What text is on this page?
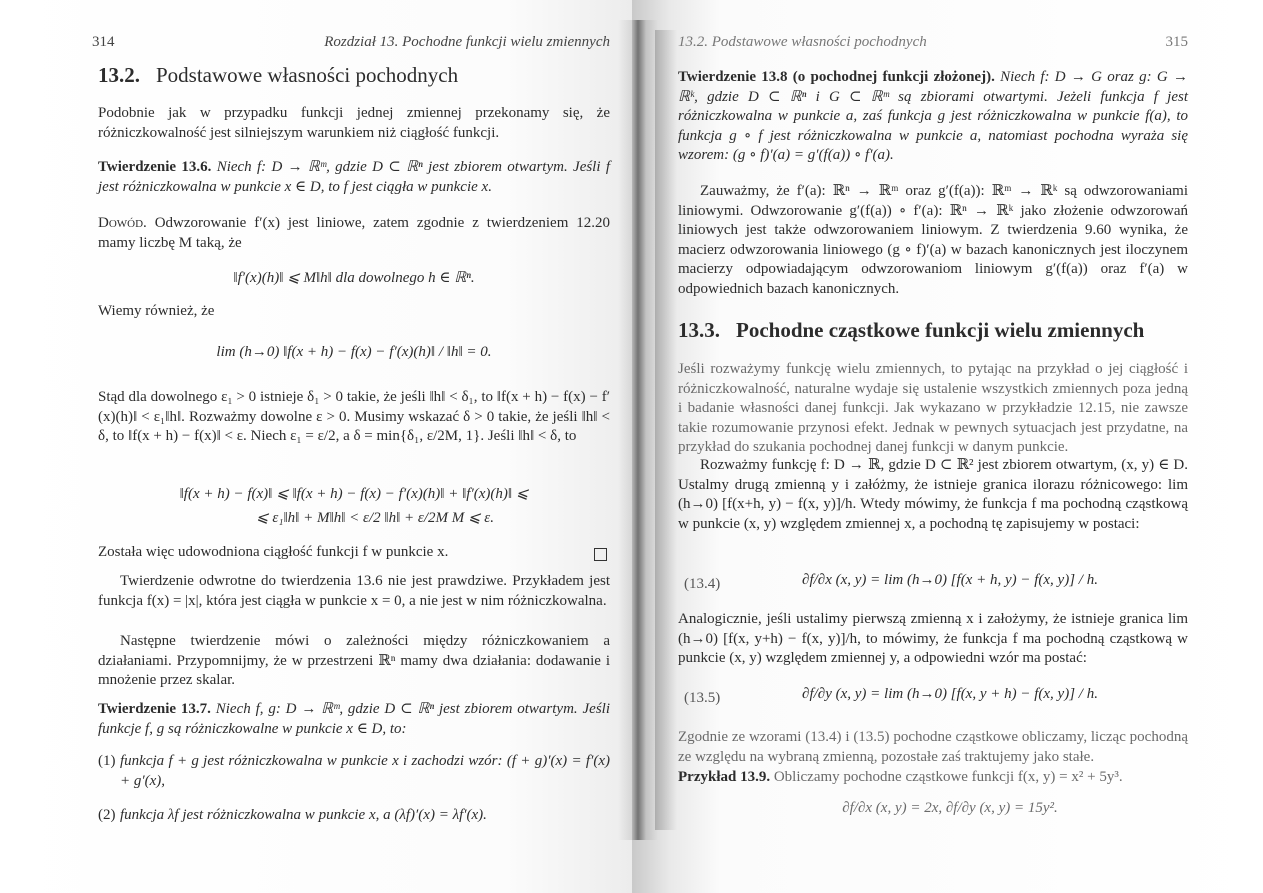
314	Rozdział 13. Pochodne funkcji wielu zmiennych
13.2. Podstawowe własności pochodnych
Podobnie jak w przypadku funkcji jednej zmiennej przekonamy się, że różniczkowalność jest silniejszym warunkiem niż ciągłość funkcji.
Twierdzenie 13.6. Niech f: D → ℝᵐ, gdzie D ⊂ ℝⁿ jest zbiorem otwartym. Jeśli f jest różniczkowalna w punkcie x ∈ D, to f jest ciągła w punkcie x.
Dowód. Odwzorowanie f′(x) jest liniowe, zatem zgodnie z twierdzeniem 12.20 mamy liczbę M taką, że
‖f′(x)(h)‖ ⩽ M‖h‖ dla dowolnego h ∈ ℝⁿ.
Wiemy również, że
lim (h→0) ‖f(x + h) − f(x) − f′(x)(h)‖ / ‖h‖ = 0.
Stąd dla dowolnego ε₁ > 0 istnieje δ₁ > 0 takie, że jeśli ‖h‖ < δ₁, to ‖f(x + h) − f(x) − f′(x)(h)‖ < ε₁‖h‖. Rozważmy dowolne ε > 0. Musimy wskazać δ > 0 takie, że jeśli ‖h‖ < δ, to ‖f(x + h) − f(x)‖ < ε. Niech ε₁ = ε/2, a δ = min{δ₁, ε/2M, 1}. Jeśli ‖h‖ < δ, to
‖f(x + h) − f(x)‖ ⩽ ‖f(x + h) − f(x) − f′(x)(h)‖ + ‖f′(x)(h)‖ ⩽
⩽ ε₁‖h‖ + M‖h‖ < ε/2 ‖h‖ + ε/2M M ⩽ ε.
Została więc udowodniona ciągłość funkcji f w punkcie x.
Twierdzenie odwrotne do twierdzenia 13.6 nie jest prawdziwe. Przykładem jest funkcja f(x) = |x|, która jest ciągła w punkcie x = 0, a nie jest w nim różniczkowalna.
Następne twierdzenie mówi o zależności między różniczkowaniem a działaniami. Przypomnijmy, że w przestrzeni ℝⁿ mamy dwa działania: dodawanie i mnożenie przez skalar.
Twierdzenie 13.7. Niech f, g: D → ℝᵐ, gdzie D ⊂ ℝⁿ jest zbiorem otwartym. Jeśli funkcje f, g są różniczkowalne w punkcie x ∈ D, to:
(1) funkcja f + g jest różniczkowalna w punkcie x i zachodzi wzór: (f + g)′(x) = f′(x) + g′(x),
(2) funkcja λf jest różniczkowalna w punkcie x, a (λf)′(x) = λf′(x).
13.2. Podstawowe własności pochodnych	315
Twierdzenie 13.8 (o pochodnej funkcji złożonej). Niech f: D → G oraz g: G → ℝᵏ, gdzie D ⊂ ℝⁿ i G ⊂ ℝᵐ są zbiorami otwartymi. Jeżeli funkcja f jest różniczkowalna w punkcie a, zaś funkcja g jest różniczkowalna w punkcie f(a), to funkcja g ∘ f jest różniczkowalna w punkcie a, natomiast pochodna wyraża się wzorem: (g ∘ f)′(a) = g′(f(a)) ∘ f′(a).
Zauważmy, że f′(a): ℝⁿ → ℝᵐ oraz g′(f(a)): ℝᵐ → ℝᵏ są odwzorowaniami liniowymi. Odwzorowanie g′(f(a)) ∘ f′(a): ℝⁿ → ℝᵏ jako złożenie odwzorowań liniowych jest także odwzorowaniem liniowym. Z twierdzenia 9.60 wynika, że macierz odwzorowania liniowego (g ∘ f)′(a) w bazach kanonicznych jest iloczynem macierzy odpowiadającym odwzorowaniom liniowym g′(f(a)) oraz f′(a) w odpowiednich bazach kanonicznych.
13.3. Pochodne cząstkowe funkcji wielu zmiennych
Jeśli rozważymy funkcję wielu zmiennych, to pytając na przykład o jej ciągłość i różniczkowalność, naturalne wydaje się ustalenie wszystkich zmiennych poza jedną i badanie własności danej funkcji. Jak wykazano w przykładzie 12.15, nie zawsze takie rozumowanie przynosi efekt. Jednak w pewnych sytuacjach jest przydatne, na przykład do szukania pochodnej danej funkcji w danym punkcie.
Rozważmy funkcję f: D → ℝ, gdzie D ⊂ ℝ² jest zbiorem otwartym, (x, y) ∈ D. Ustalmy drugą zmienną y i załóżmy, że istnieje granica ilorazu różnicowego: lim (h→0) [f(x+h, y) − f(x, y)]/h. Wtedy mówimy, że funkcja f ma pochodną cząstkową w punkcie (x, y) względem zmiennej x, a pochodną tę zapisujemy w postaci:
(13.4)	∂f/∂x (x, y) = lim (h→0) [f(x + h, y) − f(x, y)] / h.
Analogicznie, jeśli ustalimy pierwszą zmienną x i założymy, że istnieje granica lim (h→0) [f(x, y+h) − f(x, y)]/h, to mówimy, że funkcja f ma pochodną cząstkową w punkcie (x, y) względem zmiennej y, a odpowiedni wzór ma postać:
(13.5)	∂f/∂y (x, y) = lim (h→0) [f(x, y + h) − f(x, y)] / h.
Zgodnie ze wzorami (13.4) i (13.5) pochodne cząstkowe obliczamy, licząc pochodną ze względu na wybraną zmienną, pozostałe zaś traktujemy jako stałe.
Przykład 13.9. Obliczamy pochodne cząstkowe funkcji f(x, y) = x² + 5y³.
∂f/∂x (x, y) = 2x, ∂f/∂y (x, y) = 15y².
